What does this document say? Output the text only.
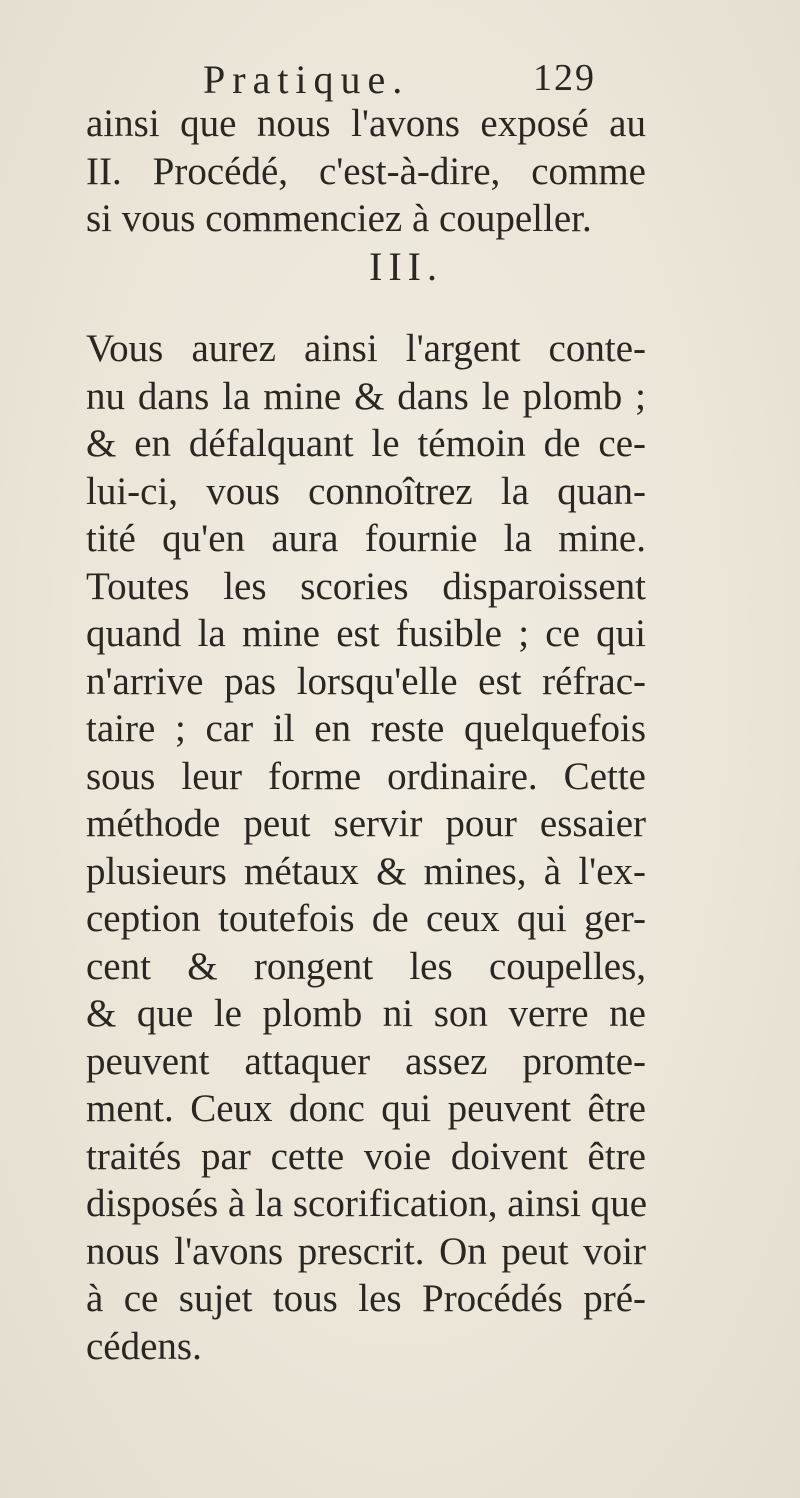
Pratique.	129
ainsi que nous l'avons exposé au
II. Procédé, c'est-à-dire, comme
si vous commenciez à coupeller.
III.
Vous aurez ainsi l'argent conte-
nu dans la mine & dans le plomb ;
& en défalquant le témoin de ce-
lui-ci, vous connoîtrez la quan-
tité qu'en aura fournie la mine.
Toutes les scories disparoissent
quand la mine est fusible ; ce qui
n'arrive pas lorsqu'elle est réfrac-
taire ; car il en reste quelquefois
sous leur forme ordinaire. Cette
méthode peut servir pour essaier
plusieurs métaux & mines, à l'ex-
ception toutefois de ceux qui ger-
cent & rongent les coupelles,
& que le plomb ni son verre ne
peuvent attaquer assez promte-
ment. Ceux donc qui peuvent être
traités par cette voie doivent être
disposés à la scorification, ainsi que
nous l'avons prescrit. On peut voir
à ce sujet tous les Procédés pré-
cédens.
